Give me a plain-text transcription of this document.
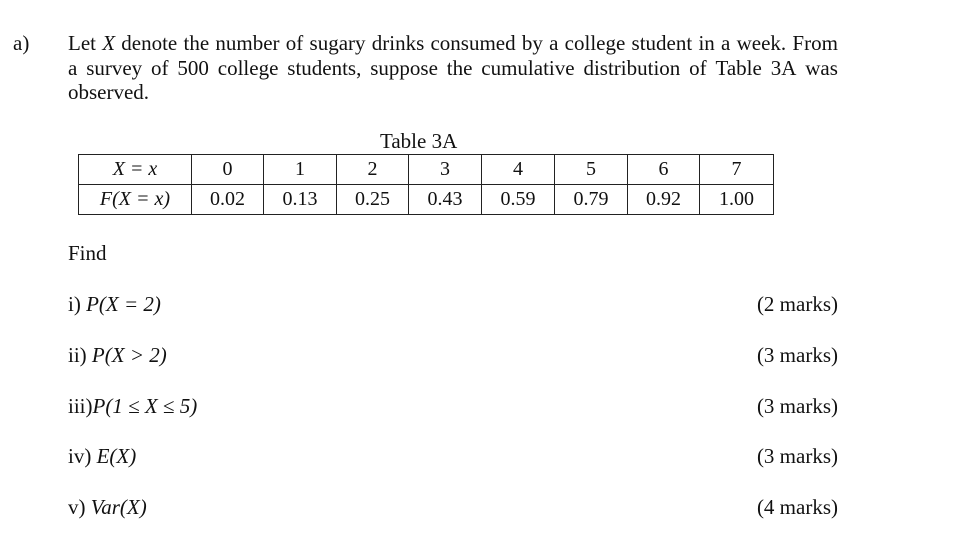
a) Let X denote the number of sugary drinks consumed by a college student in a week. From
a survey of 500 college students, suppose the cumulative distribution of Table 3A was
observed.
Table 3A
X = x	0	1	2	3	4	5	6	7
F(X = x)	0.02	0.13	0.25	0.43	0.59	0.79	0.92	1.00
Find
i) P(X = 2)	(2 marks)
ii) P(X > 2)	(3 marks)
iii)P(1 ≤ X ≤ 5)	(3 marks)
iv) E(X)	(3 marks)
v) Var(X)	(4 marks)
